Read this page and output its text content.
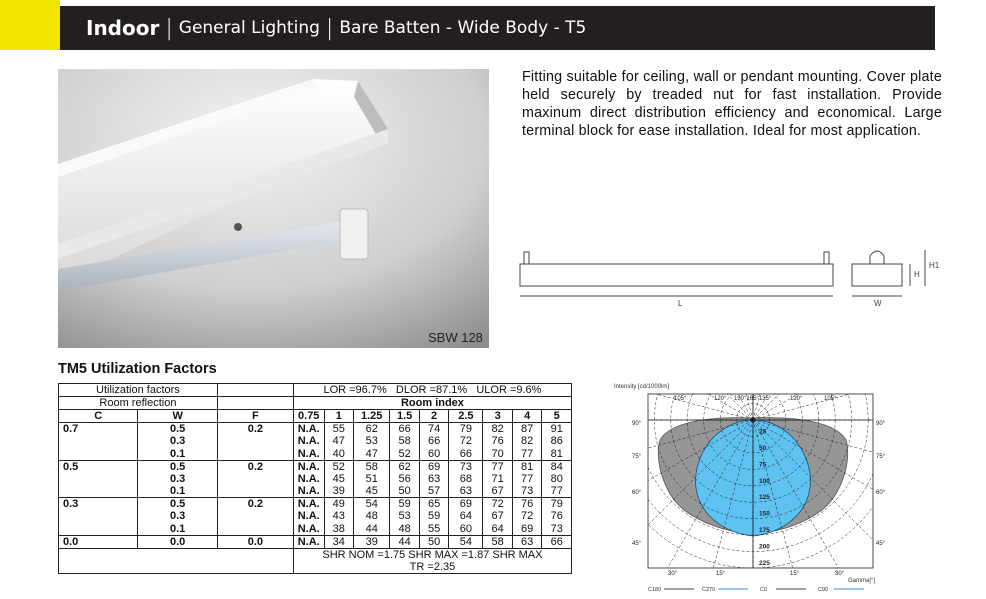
Indoor | General Lighting | Bare Batten - Wide Body - T5
SBW 128
Fitting suitable for ceiling, wall or pendant mounting. Cover plate held securely by treaded nut for fast installation. Provide maxinum direct distribution efficiency and economical. Large terminal block for ease installation. Ideal for most application.
L	W
H
H1
TM5 Utilization Factors
Utilization factors			LOR =96.7% DLOR =87.1% ULOR =9.6%								
Room reflection			Room index								
C	W	F	0.75	1	1.25	1.5	2	2.5	3	4	5
0.7	0.5	0.2	N.A.	55	62	66	74	79	82	87	91
	0.3		N.A.	47	53	58	66	72	76	82	86
	0.1		N.A.	40	47	52	60	66	70	77	81
0.5	0.5	0.2	N.A.	52	58	62	69	73	77	81	84
	0.3		N.A.	45	51	56	63	68	71	77	80
	0.1		N.A.	39	45	50	57	63	67	73	77
0.3	0.5	0.2	N.A.	49	54	59	65	69	72	76	79
	0.3		N.A.	43	48	53	59	64	67	72	76
	0.1		N.A.	38	44	48	55	60	64	69	73
0.0	0.0	0.0	N.A.	34	39	44	50	54	58	63	66
			SHR NOM =1.75 SHR MAX =1.87 SHR MAX								
			TR =2.35								
Intensity [cd/1000lm]
105°	120° 150°165°135°	120°	105°
90°	90°
75°	75°
60°	60°
45°	45°
30°	15°	15°	30°
25
50
75
100
125
150
175
200
225
Gamma[°]
C180	C270	C0	C90
